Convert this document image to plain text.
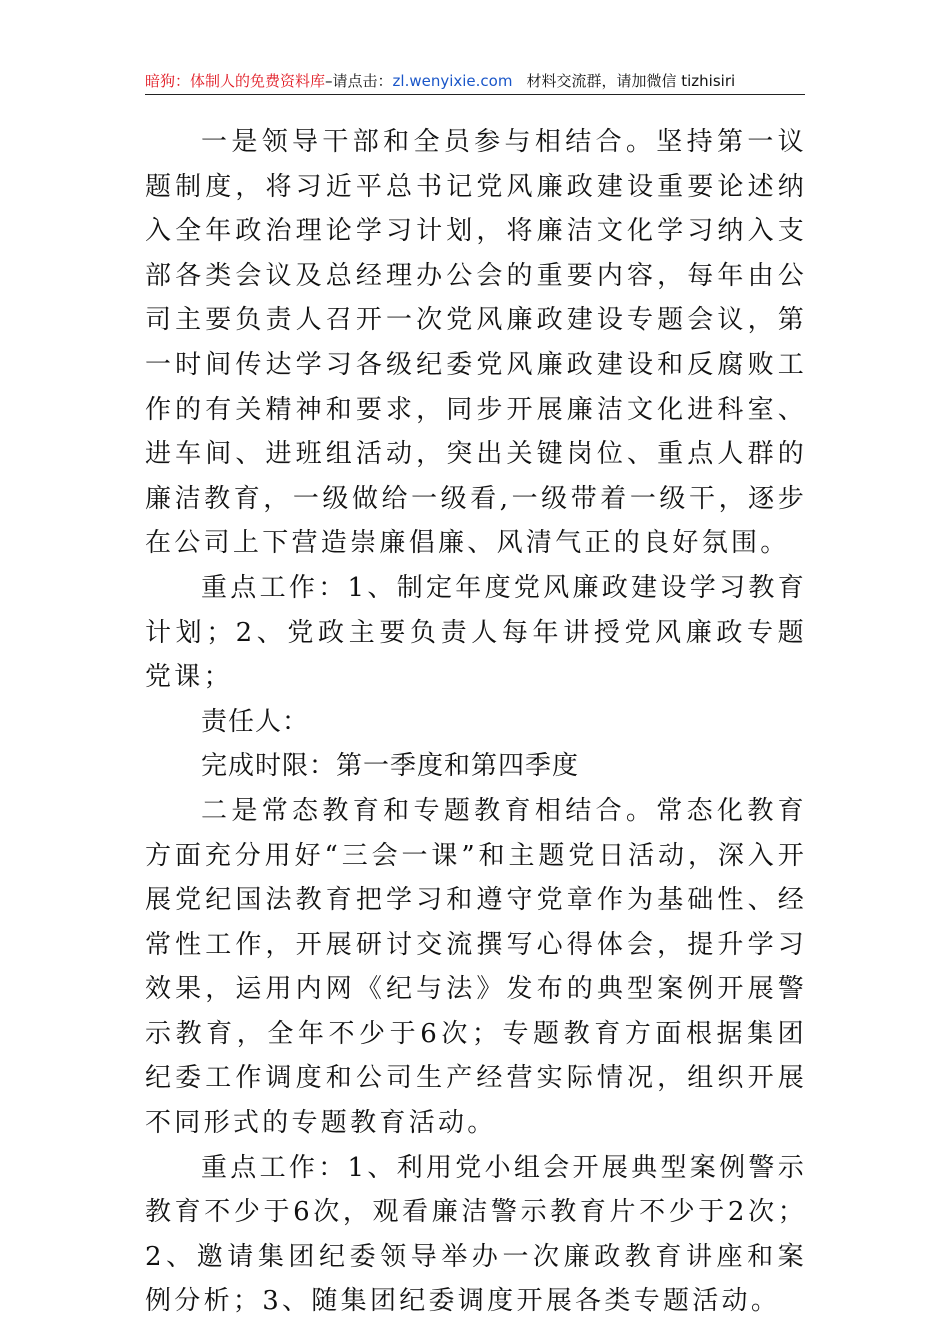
暗狗：体制人的免费资料库–请点击：zl.wenyixie.com 材料交流群，请加微信 tizhisiri

一是领导干部和全员参与相结合。坚持第一议题制度，将习近平总书记党风廉政建设重要论述纳入全年政治理论学习计划，将廉洁文化学习纳入支部各类会议及总经理办公会的重要内容，每年由公司主要负责人召开一次党风廉政建设专题会议，第一时间传达学习各级纪委党风廉政建设和反腐败工作的有关精神和要求，同步开展廉洁文化进科室、进车间、进班组活动，突出关键岗位、重点人群的廉洁教育，一级做给一级看,一级带着一级干，逐步在公司上下营造崇廉倡廉、风清气正的良好氛围。

重点工作：1、制定年度党风廉政建设学习教育计划；2、党政主要负责人每年讲授党风廉政专题党课；

责任人：

完成时限：第一季度和第四季度

二是常态教育和专题教育相结合。常态化教育方面充分用好“三会一课”和主题党日活动，深入开展党纪国法教育把学习和遵守党章作为基础性、经常性工作，开展研讨交流撰写心得体会，提升学习效果，运用内网《纪与法》发布的典型案例开展警示教育，全年不少于6次；专题教育方面根据集团纪委工作调度和公司生产经营实际情况，组织开展不同形式的专题教育活动。

重点工作：1、利用党小组会开展典型案例警示教育不少于6次，观看廉洁警示教育片不少于2次；2、邀请集团纪委领导举办一次廉政教育讲座和案例分析；3、随集团纪委调度开展各类专题活动。
